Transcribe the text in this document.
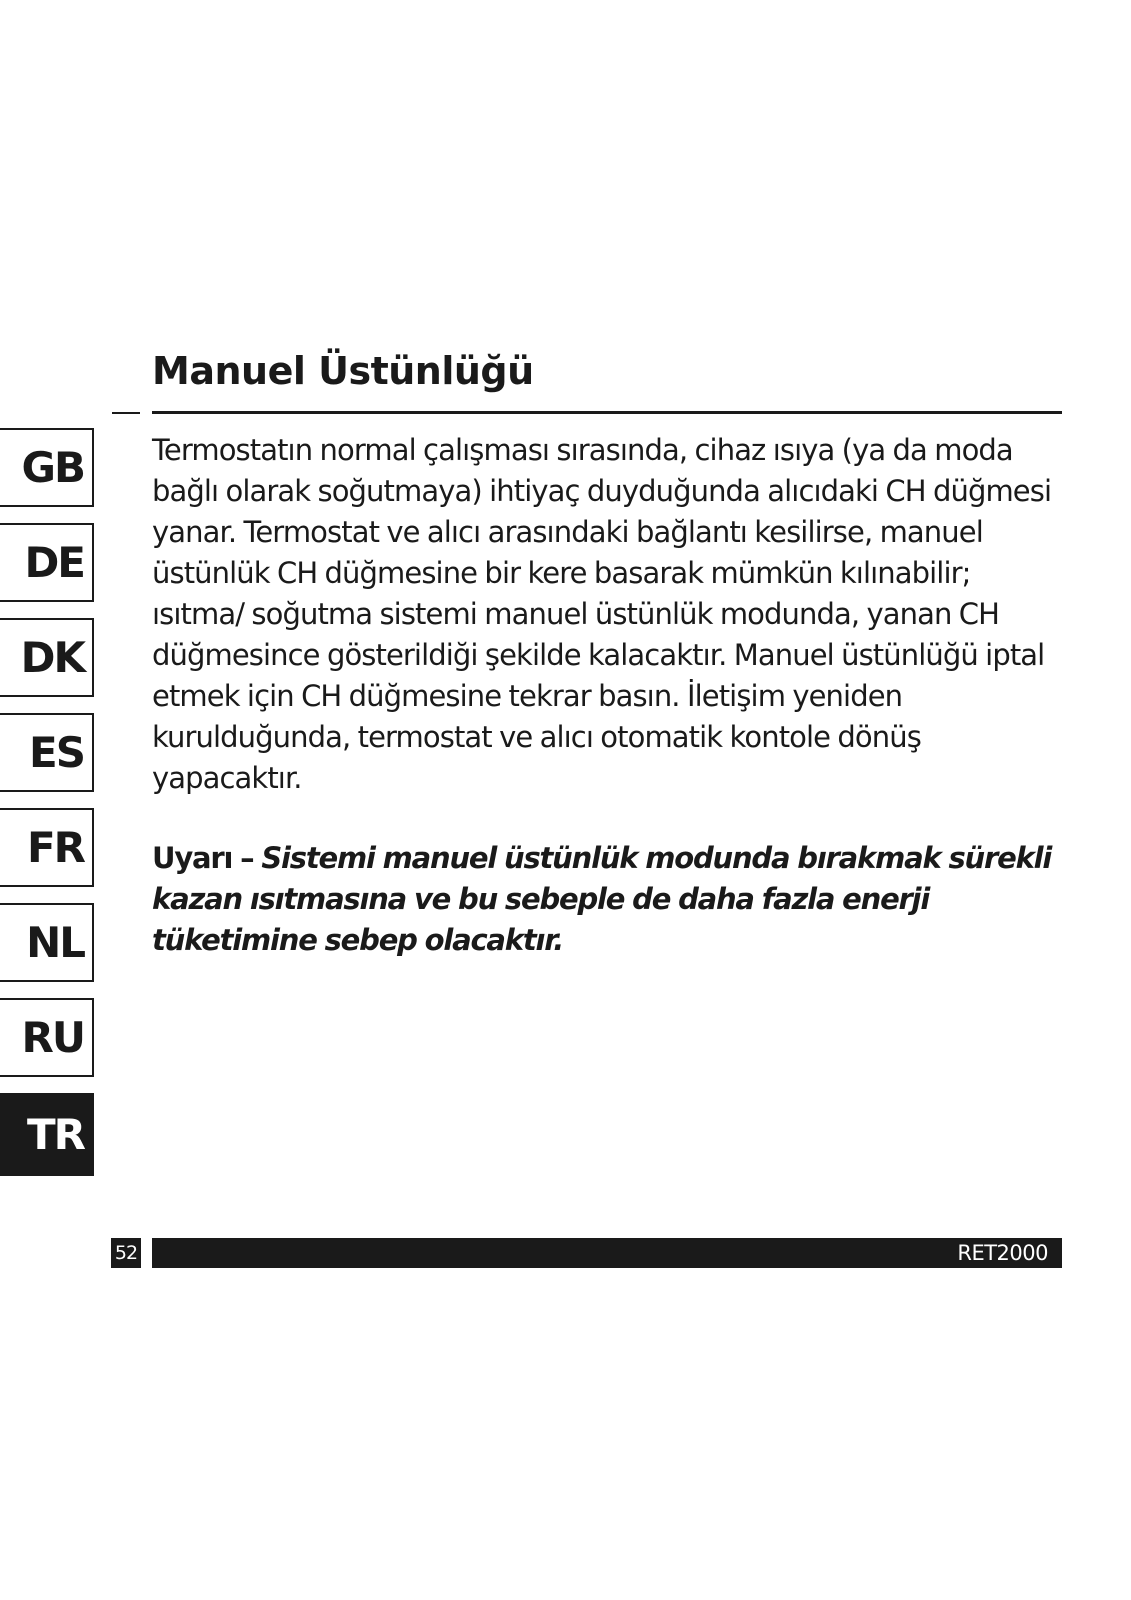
Manuel Üstünlüğü

Termostatın normal çalışması sırasında, cihaz ısıya (ya da moda bağlı olarak soğutmaya) ihtiyaç duyduğunda alıcıdaki CH düğmesi yanar. Termostat ve alıcı arasındaki bağlantı kesilirse, manuel üstünlük CH düğmesine bir kere basarak mümkün kılınabilir; ısıtma/ soğutma sistemi manuel üstünlük modunda, yanan CH düğmesince gösterildiği şekilde kalacaktır. Manuel üstünlüğü iptal etmek için CH düğmesine tekrar basın. İletişim yeniden kurulduğunda, termostat ve alıcı otomatik kontole dönüş yapacaktır.

Uyarı – Sistemi manuel üstünlük modunda bırakmak sürekli kazan ısıtmasına ve bu sebeple de daha fazla enerji tüketimine sebep olacaktır.

GB
DE
DK
ES
FR
NL
RU
TR
52	RET2000
